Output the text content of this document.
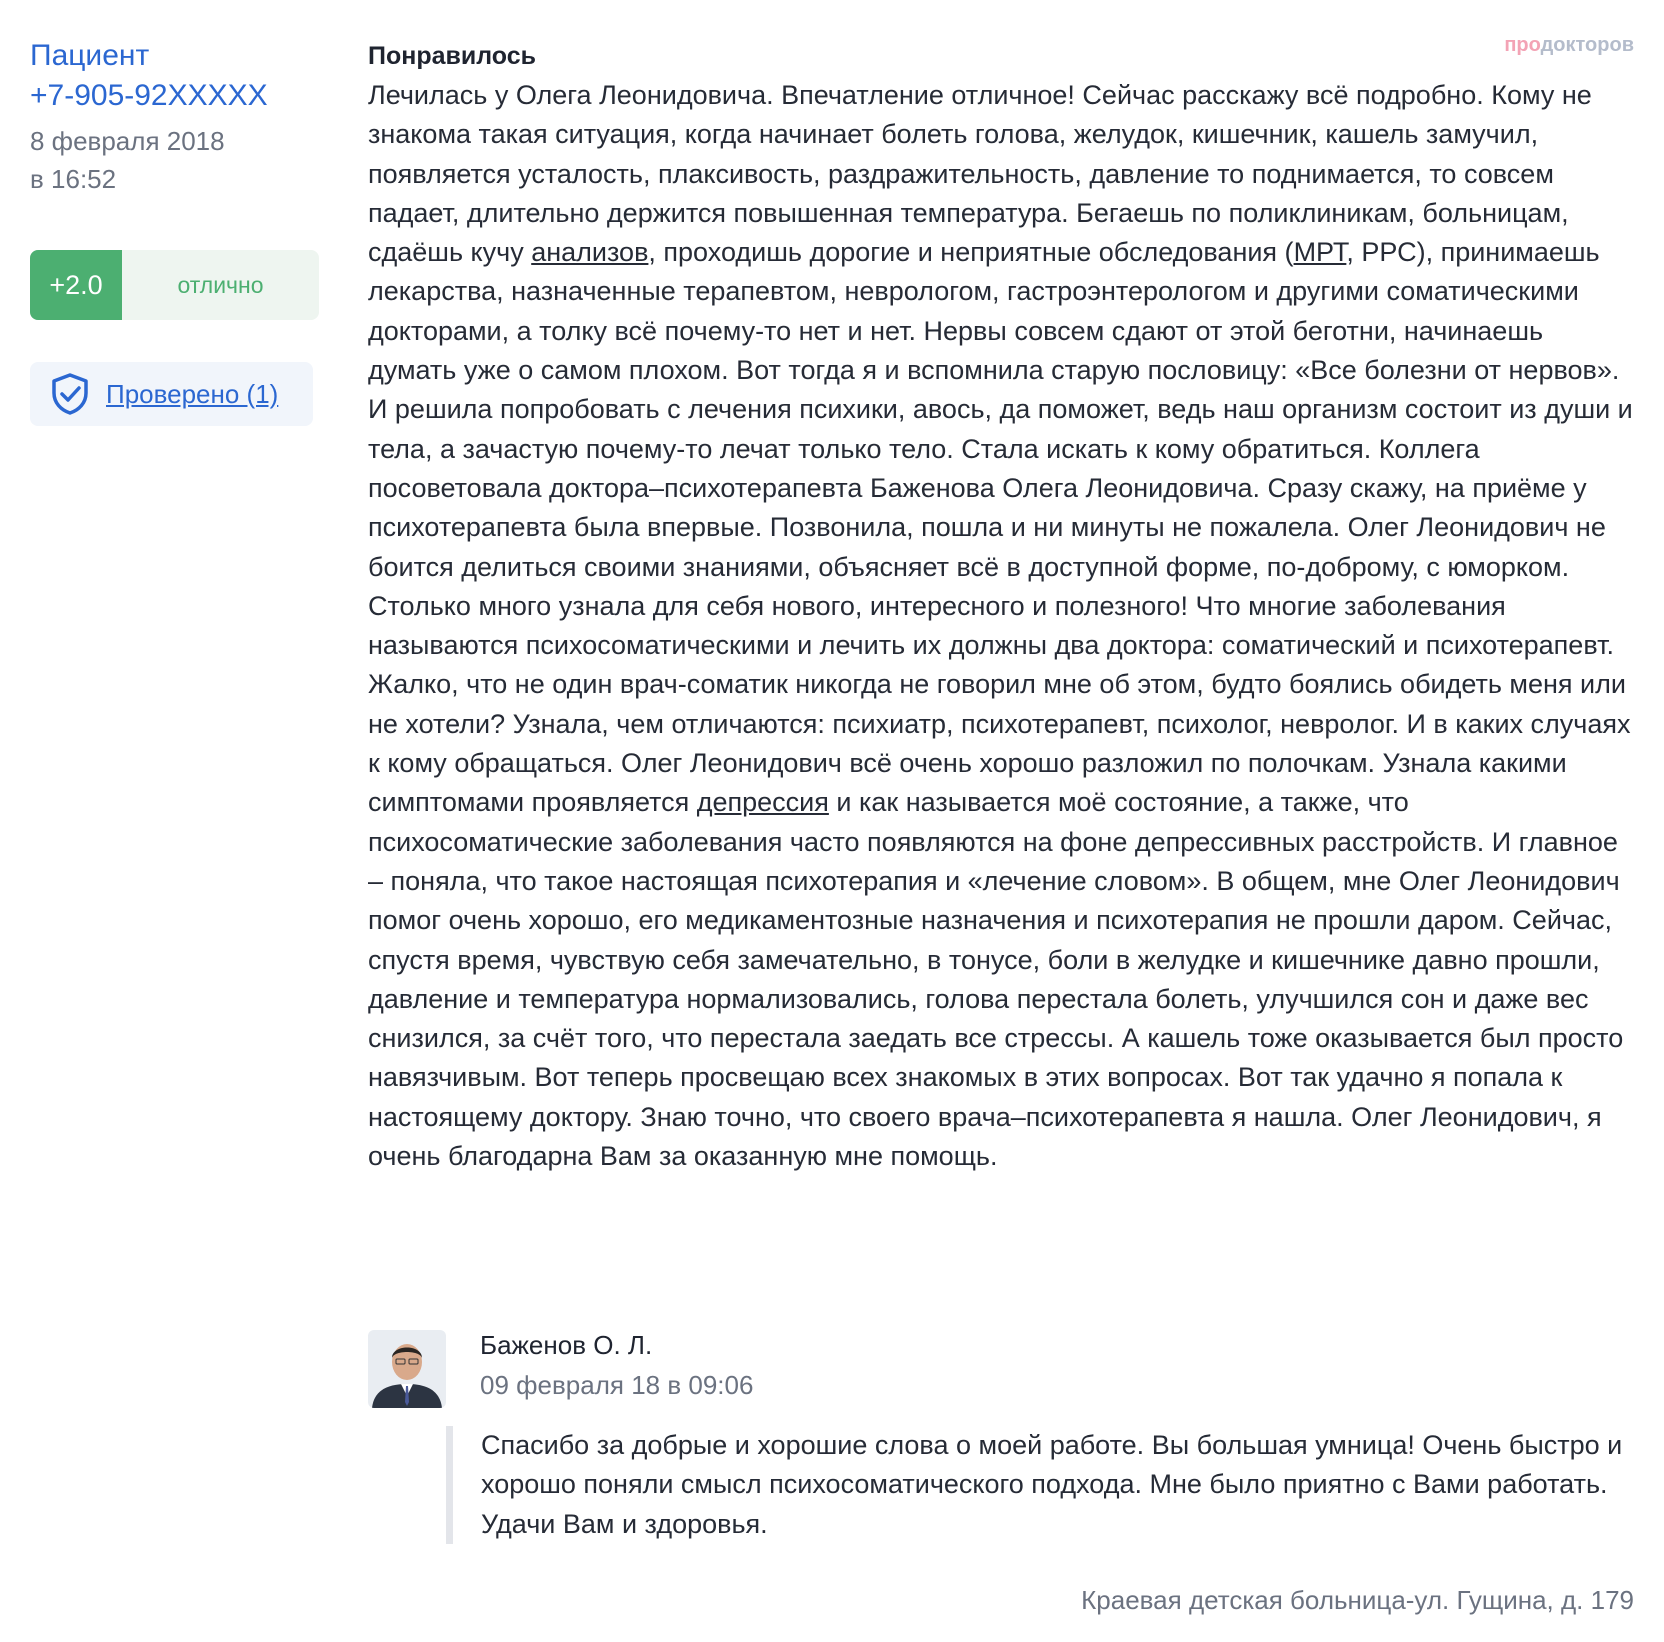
Пациент
+7-905-92XXXXX
8 февраля 2018
в 16:52
+2.0	отлично
Проверено (1)
продокторов
Понравилось

Лечилась у Олега Леонидовича. Впечатление отличное! Сейчас расскажу всё подробно. Кому не знакома такая ситуация, когда начинает болеть голова, желудок, кишечник, кашель замучил, появляется усталость, плаксивость, раздражительность, давление то поднимается, то совсем падает, длительно держится повышенная температура. Бегаешь по поликлиникам, больницам, сдаёшь кучу анализов, проходишь дорогие и неприятные обследования (МРТ, РРС), принимаешь лекарства, назначенные терапевтом, неврологом, гастроэнтерологом и другими соматическими докторами, а толку всё почему-то нет и нет. Нервы совсем сдают от этой беготни, начинаешь думать уже о самом плохом. Вот тогда я и вспомнила старую пословицу: «Все болезни от нервов». И решила попробовать с лечения психики, авось, да поможет, ведь наш организм состоит из души и тела, а зачастую почему-то лечат только тело. Стала искать к кому обратиться. Коллега посоветовала доктора–психотерапевта Баженова Олега Леонидовича. Сразу скажу, на приёме у психотерапевта была впервые. Позвонила, пошла и ни минуты не пожалела. Олег Леонидович не боится делиться своими знаниями, объясняет всё в доступной форме, по-доброму, с юморком. Столько много узнала для себя нового, интересного и полезного! Что многие заболевания называются психосоматическими и лечить их должны два доктора: соматический и психотерапевт. Жалко, что не один врач-соматик никогда не говорил мне об этом, будто боялись обидеть меня или не хотели? Узнала, чем отличаются: психиатр, психотерапевт, психолог, невролог. И в каких случаях к кому обращаться. Олег Леонидович всё очень хорошо разложил по полочкам. Узнала какими симптомами проявляется депрессия и как называется моё состояние, а также, что психосоматические заболевания часто появляются на фоне депрессивных расстройств. И главное – поняла, что такое настоящая психотерапия и «лечение словом». В общем, мне Олег Леонидович помог очень хорошо, его медикаментозные назначения и психотерапия не прошли даром. Сейчас, спустя время, чувствую себя замечательно, в тонусе, боли в желудке и кишечнике давно прошли, давление и температура нормализовались, голова перестала болеть, улучшился сон и даже вес снизился, за счёт того, что перестала заедать все стрессы. А кашель тоже оказывается был просто навязчивым. Вот теперь просвещаю всех знакомых в этих вопросах. Вот так удачно я попала к настоящему доктору. Знаю точно, что своего врача–психотерапевта я нашла. Олег Леонидович, я очень благодарна Вам за оказанную мне помощь.

Баженов О. Л.
09 февраля 18 в 09:06

Спасибо за добрые и хорошие слова о моей работе. Вы большая умница! Очень быстро и хорошо поняли смысл психосоматического подхода. Мне было приятно с Вами работать. Удачи Вам и здоровья.

Краевая детская больница-ул. Гущина, д. 179
